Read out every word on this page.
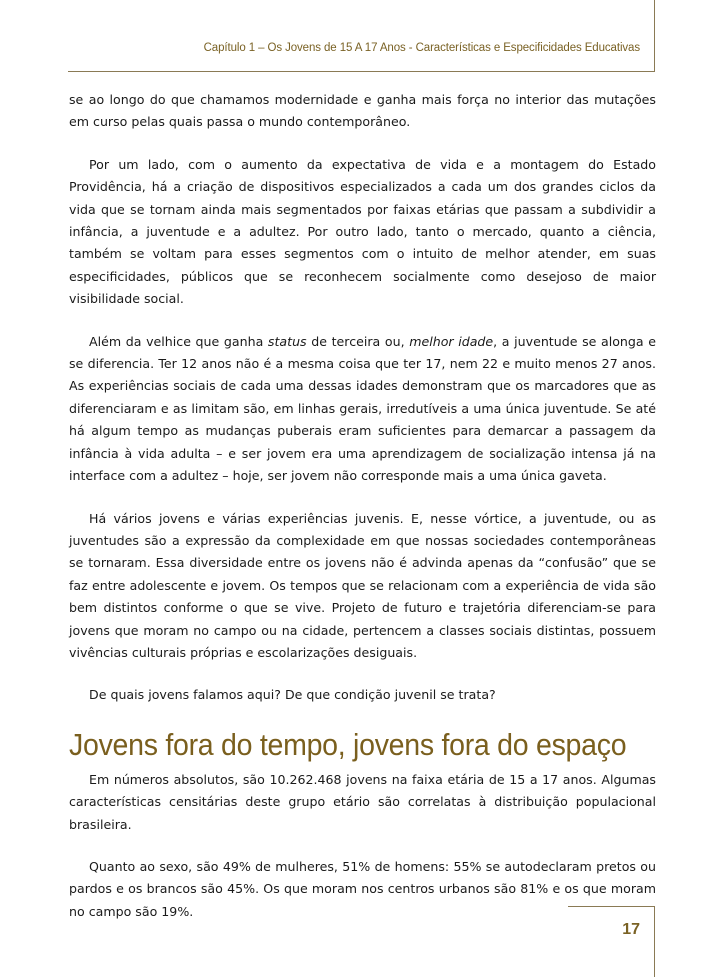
Capítulo 1 – Os Jovens de 15 A 17 Anos - Características e Especificidades Educativas

se ao longo do que chamamos modernidade e ganha mais força no interior das mutações em curso pelas quais passa o mundo contemporâneo.

Por um lado, com o aumento da expectativa de vida e a montagem do Estado Providência, há a criação de dispositivos especializados a cada um dos grandes ciclos da vida que se tornam ainda mais segmentados por faixas etárias que passam a subdividir a infância, a juventude e a adultez. Por outro lado, tanto o mercado, quanto a ciência, também se voltam para esses segmentos com o intuito de melhor atender, em suas especificidades, públicos que se reconhecem socialmente como desejoso de maior visibilidade social.

Além da velhice que ganha status de terceira ou, melhor idade, a juventude se alonga e se diferencia. Ter 12 anos não é a mesma coisa que ter 17, nem 22 e muito menos 27 anos. As experiências sociais de cada uma dessas idades demonstram que os marcadores que as diferenciaram e as limitam são, em linhas gerais, irredutíveis a uma única juventude. Se até há algum tempo as mudanças puberais eram suficientes para demarcar a passagem da infância à vida adulta – e ser jovem era uma aprendizagem de socialização intensa já na interface com a adultez – hoje, ser jovem não corresponde mais a uma única gaveta.

Há vários jovens e várias experiências juvenis. E, nesse vórtice, a juventude, ou as juventudes são a expressão da complexidade em que nossas sociedades contemporâneas se tornaram. Essa diversidade entre os jovens não é advinda apenas da “confusão” que se faz entre adolescente e jovem. Os tempos que se relacionam com a experiência de vida são bem distintos conforme o que se vive. Projeto de futuro e trajetória diferenciam-se para jovens que moram no campo ou na cidade, pertencem a classes sociais distintas, possuem vivências culturais próprias e escolarizações desiguais.

De quais jovens falamos aqui? De que condição juvenil se trata?

Jovens fora do tempo, jovens fora do espaço

Em números absolutos, são 10.262.468 jovens na faixa etária de 15 a 17 anos. Algumas características censitárias deste grupo etário são correlatas à distribuição populacional brasileira.

Quanto ao sexo, são 49% de mulheres, 51% de homens: 55% se autodeclaram pretos ou pardos e os brancos são 45%. Os que moram nos centros urbanos são 81% e os que moram no campo são 19%.

17
